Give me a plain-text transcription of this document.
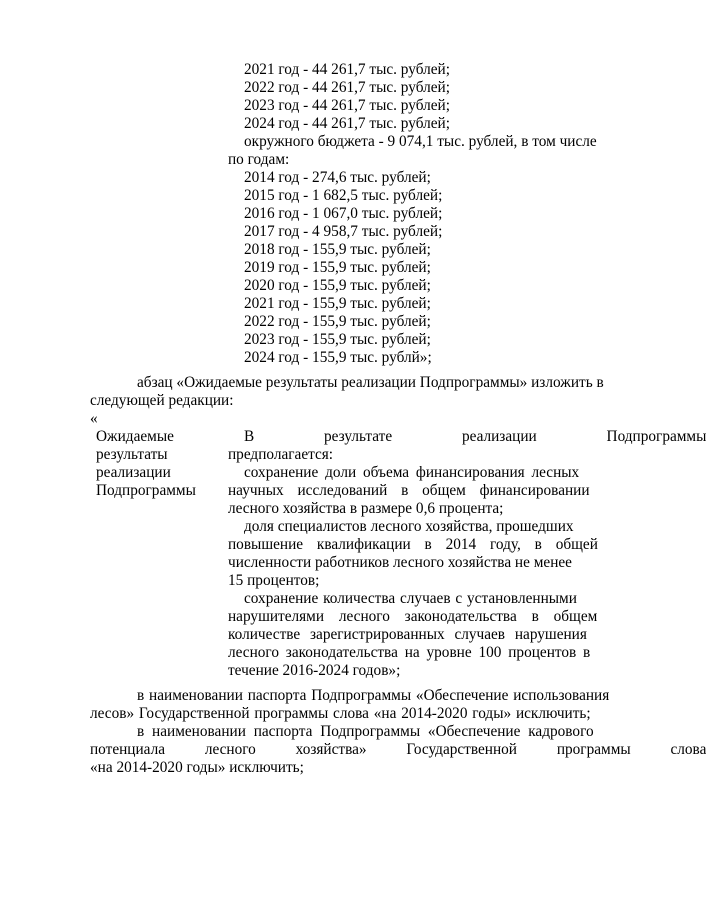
2021 год - 44 261,7 тыс. рублей;
2022 год - 44 261,7 тыс. рублей;
2023 год - 44 261,7 тыс. рублей;
2024 год - 44 261,7 тыс. рублей;
окружного бюджета - 9 074,1 тыс. рублей, в том числе
по годам:
2014 год - 274,6 тыс. рублей;
2015 год - 1 682,5 тыс. рублей;
2016 год - 1 067,0 тыс. рублей;
2017 год - 4 958,7 тыс. рублей;
2018 год - 155,9 тыс. рублей;
2019 год - 155,9 тыс. рублей;
2020 год - 155,9 тыс. рублей;
2021 год - 155,9 тыс. рублей;
2022 год - 155,9 тыс. рублей;
2023 год - 155,9 тыс. рублей;
2024 год - 155,9 тыс. рублй»;
абзац «Ожидаемые результаты реализации Подпрограммы» изложить в
следующей редакции:
«
Ожидаемые
результаты
реализации
Подпрограммы
В результате реализации Подпрограммы
предполагается:
сохранение доли объема финансирования лесных
научных исследований в общем финансировании
лесного хозяйства в размере 0,6 процента;
доля специалистов лесного хозяйства, прошедших
повышение квалификации в 2014 году, в общей
численности работников лесного хозяйства не менее
15 процентов;
сохранение количества случаев с установленными
нарушителями лесного законодательства в общем
количестве зарегистрированных случаев нарушения
лесного законодательства на уровне 100 процентов в
течение 2016-2024 годов»;
в наименовании паспорта Подпрограммы «Обеспечение использования
лесов» Государственной программы слова «на 2014-2020 годы» исключить;
в наименовании паспорта Подпрограммы «Обеспечение кадрового
потенциала лесного хозяйства» Государственной программы слова
«на 2014-2020 годы» исключить;
